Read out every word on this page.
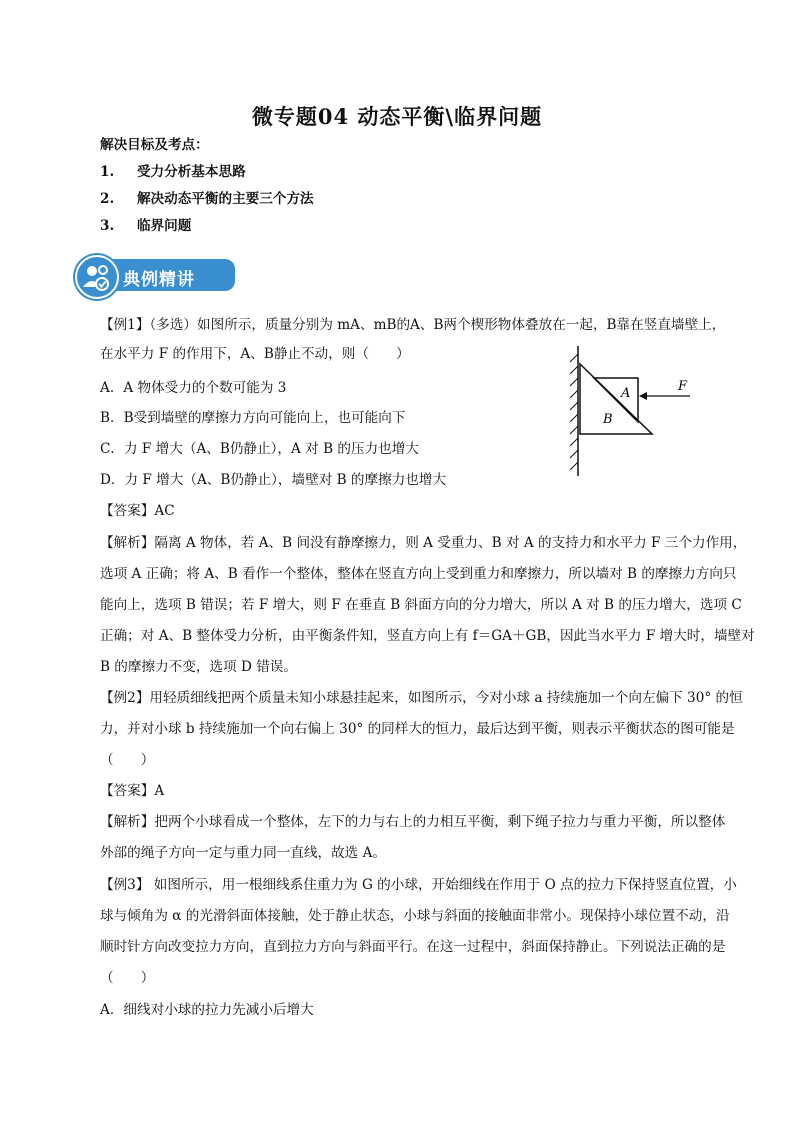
微专题04 动态平衡\临界问题
解决目标及考点：
1. 受力分析基本思路
2. 解决动态平衡的主要三个方法
3. 临界问题
典例精讲
【例1】（多选）如图所示，质量分别为 mA、mB的A、B两个楔形物体叠放在一起，B靠在竖直墙壁上，
在水平力 F 的作用下，A、B静止不动，则（　　）
A．A 物体受力的个数可能为 3
B．B受到墙壁的摩擦力方向可能向上，也可能向下
C．力 F 增大（A、B仍静止），A 对 B 的压力也增大
D．力 F 增大（A、B仍静止），墙壁对 B 的摩擦力也增大
A
B
F
【答案】AC
【解析】隔离 A 物体，若 A、B 间没有静摩擦力，则 A 受重力、B 对 A 的支持力和水平力 F 三个力作用，
选项 A 正确；将 A、B 看作一个整体，整体在竖直方向上受到重力和摩擦力，所以墙对 B 的摩擦力方向只
能向上，选项 B 错误；若 F 增大，则 F 在垂直 B 斜面方向的分力增大，所以 A 对 B 的压力增大，选项 C
正确；对 A、B 整体受力分析，由平衡条件知，竖直方向上有 f＝GA＋GB，因此当水平力 F 增大时，墙壁对
B 的摩擦力不变，选项 D 错误。
【例2】用轻质细线把两个质量未知小球悬挂起来，如图所示，今对小球 a 持续施加一个向左偏下 30° 的恒
力，并对小球 b 持续施加一个向右偏上 30° 的同样大的恒力，最后达到平衡，则表示平衡状态的图可能是
（　　）
【答案】A
【解析】把两个小球看成一个整体，左下的力与右上的力相互平衡，剩下绳子拉力与重力平衡，所以整体
外部的绳子方向一定与重力同一直线，故选 A。
【例3】 如图所示，用一根细线系住重力为 G 的小球，开始细线在作用于 O 点的拉力下保持竖直位置，小
球与倾角为 α 的光滑斜面体接触，处于静止状态，小球与斜面的接触面非常小。现保持小球位置不动，沿
顺时针方向改变拉力方向，直到拉力方向与斜面平行。在这一过程中，斜面保持静止。下列说法正确的是
（　　）
A．细线对小球的拉力先减小后增大
